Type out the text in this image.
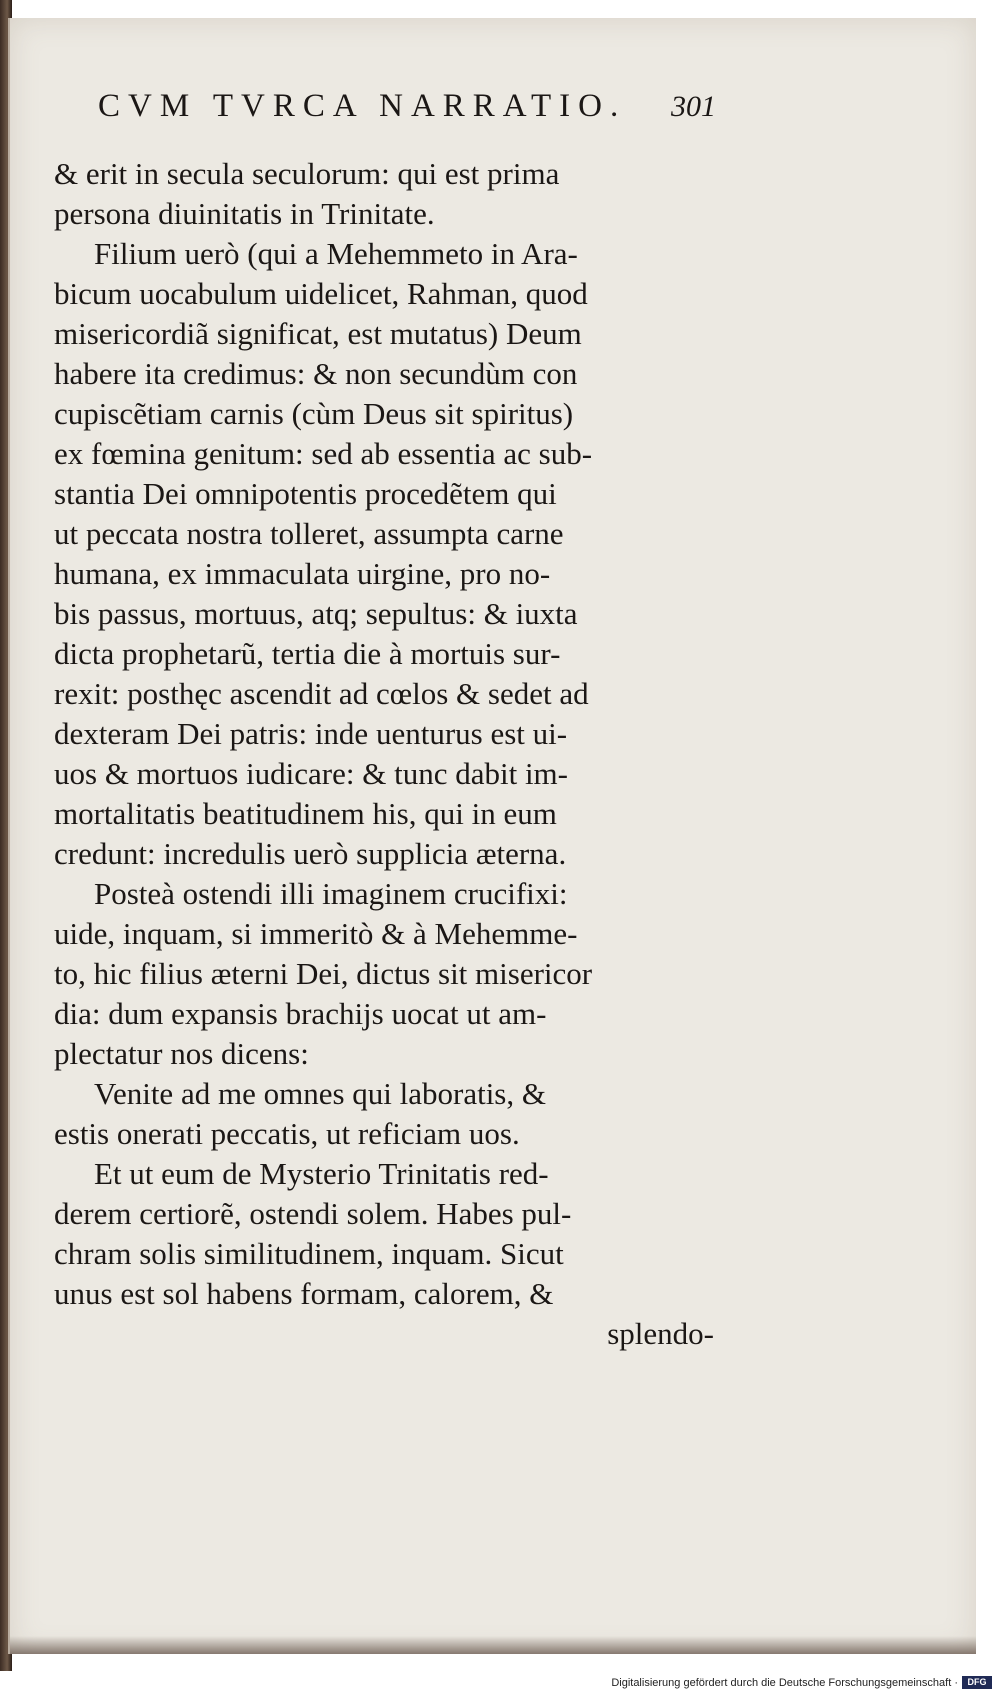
CVM TVRCA NARRATIO. 301
& erit in secula seculorum: qui est prima
persona diuinitatis in Trinitate.
Filium uerò (qui a Mehemmeto in Ara-
bicum uocabulum uidelicet, Rahman, quod
misericordiã significat, est mutatus) Deum
habere ita credimus: & non secundùm con
cupiscẽtiam carnis (cùm Deus sit spiritus)
ex fœmina genitum: sed ab essentia ac sub-
stantia Dei omnipotentis procedẽtem qui
ut peccata nostra tolleret, assumpta carne
humana, ex immaculata uirgine, pro no-
bis passus, mortuus, atq; sepultus: & iuxta
dicta prophetarũ, tertia die à mortuis sur-
rexit: posthęc ascendit ad cœlos & sedet ad
dexteram Dei patris: inde uenturus est ui-
uos & mortuos iudicare: & tunc dabit im-
mortalitatis beatitudinem his, qui in eum
credunt: incredulis uerò supplicia æterna.
Posteà ostendi illi imaginem crucifixi:
uide, inquam, si immeritò & à Mehemme-
to, hic filius æterni Dei, dictus sit misericor
dia: dum expansis brachijs uocat ut am-
plectatur nos dicens:
Venite ad me omnes qui laboratis, &
estis onerati peccatis, ut reficiam uos.
Et ut eum de Mysterio Trinitatis red-
derem certiorẽ, ostendi solem. Habes pul-
chram solis similitudinem, inquam. Sicut
unus est sol habens formam, calorem, &
splendo-
Digitalisierung gefördert durch die Deutsche Forschungsgemeinschaft ·	DFG
